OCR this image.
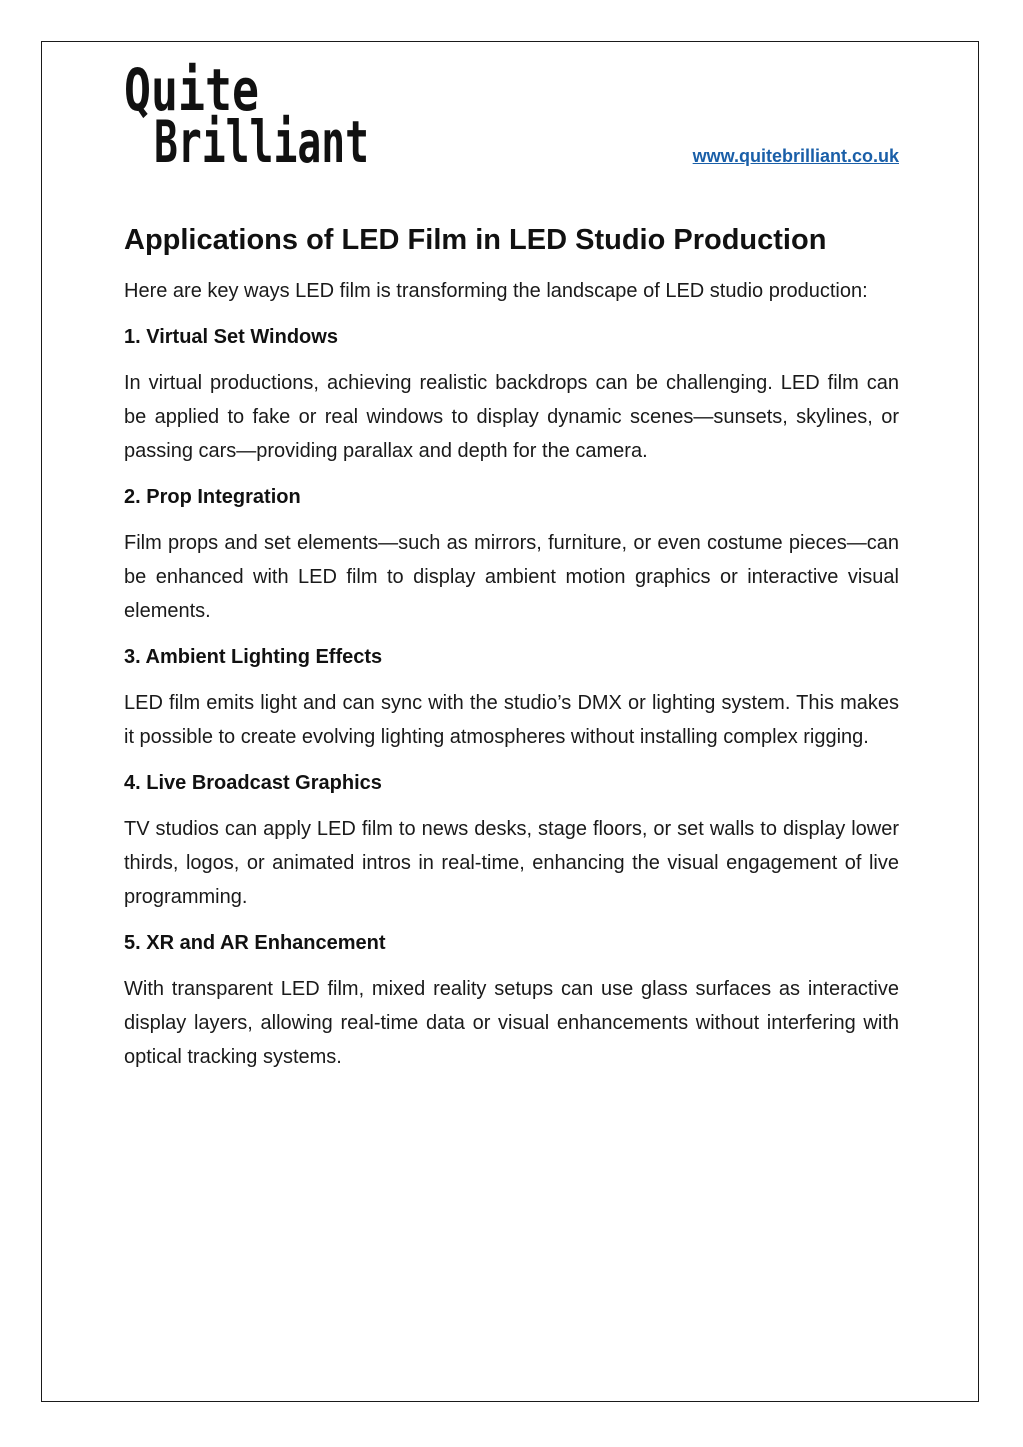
Quite
Brilliant	www.quitebrilliant.co.uk
Applications of LED Film in LED Studio Production

Here are key ways LED film is transforming the landscape of LED studio production:

1. Virtual Set Windows

In virtual productions, achieving realistic backdrops can be challenging. LED film can be applied to fake or real windows to display dynamic scenes—sunsets, skylines, or passing cars—providing parallax and depth for the camera.

2. Prop Integration

Film props and set elements—such as mirrors, furniture, or even costume pieces—can be enhanced with LED film to display ambient motion graphics or interactive visual elements.

3. Ambient Lighting Effects

LED film emits light and can sync with the studio’s DMX or lighting system. This makes it possible to create evolving lighting atmospheres without installing complex rigging.

4. Live Broadcast Graphics

TV studios can apply LED film to news desks, stage floors, or set walls to display lower thirds, logos, or animated intros in real-time, enhancing the visual engagement of live programming.

5. XR and AR Enhancement

With transparent LED film, mixed reality setups can use glass surfaces as interactive display layers, allowing real-time data or visual enhancements without interfering with optical tracking systems.
